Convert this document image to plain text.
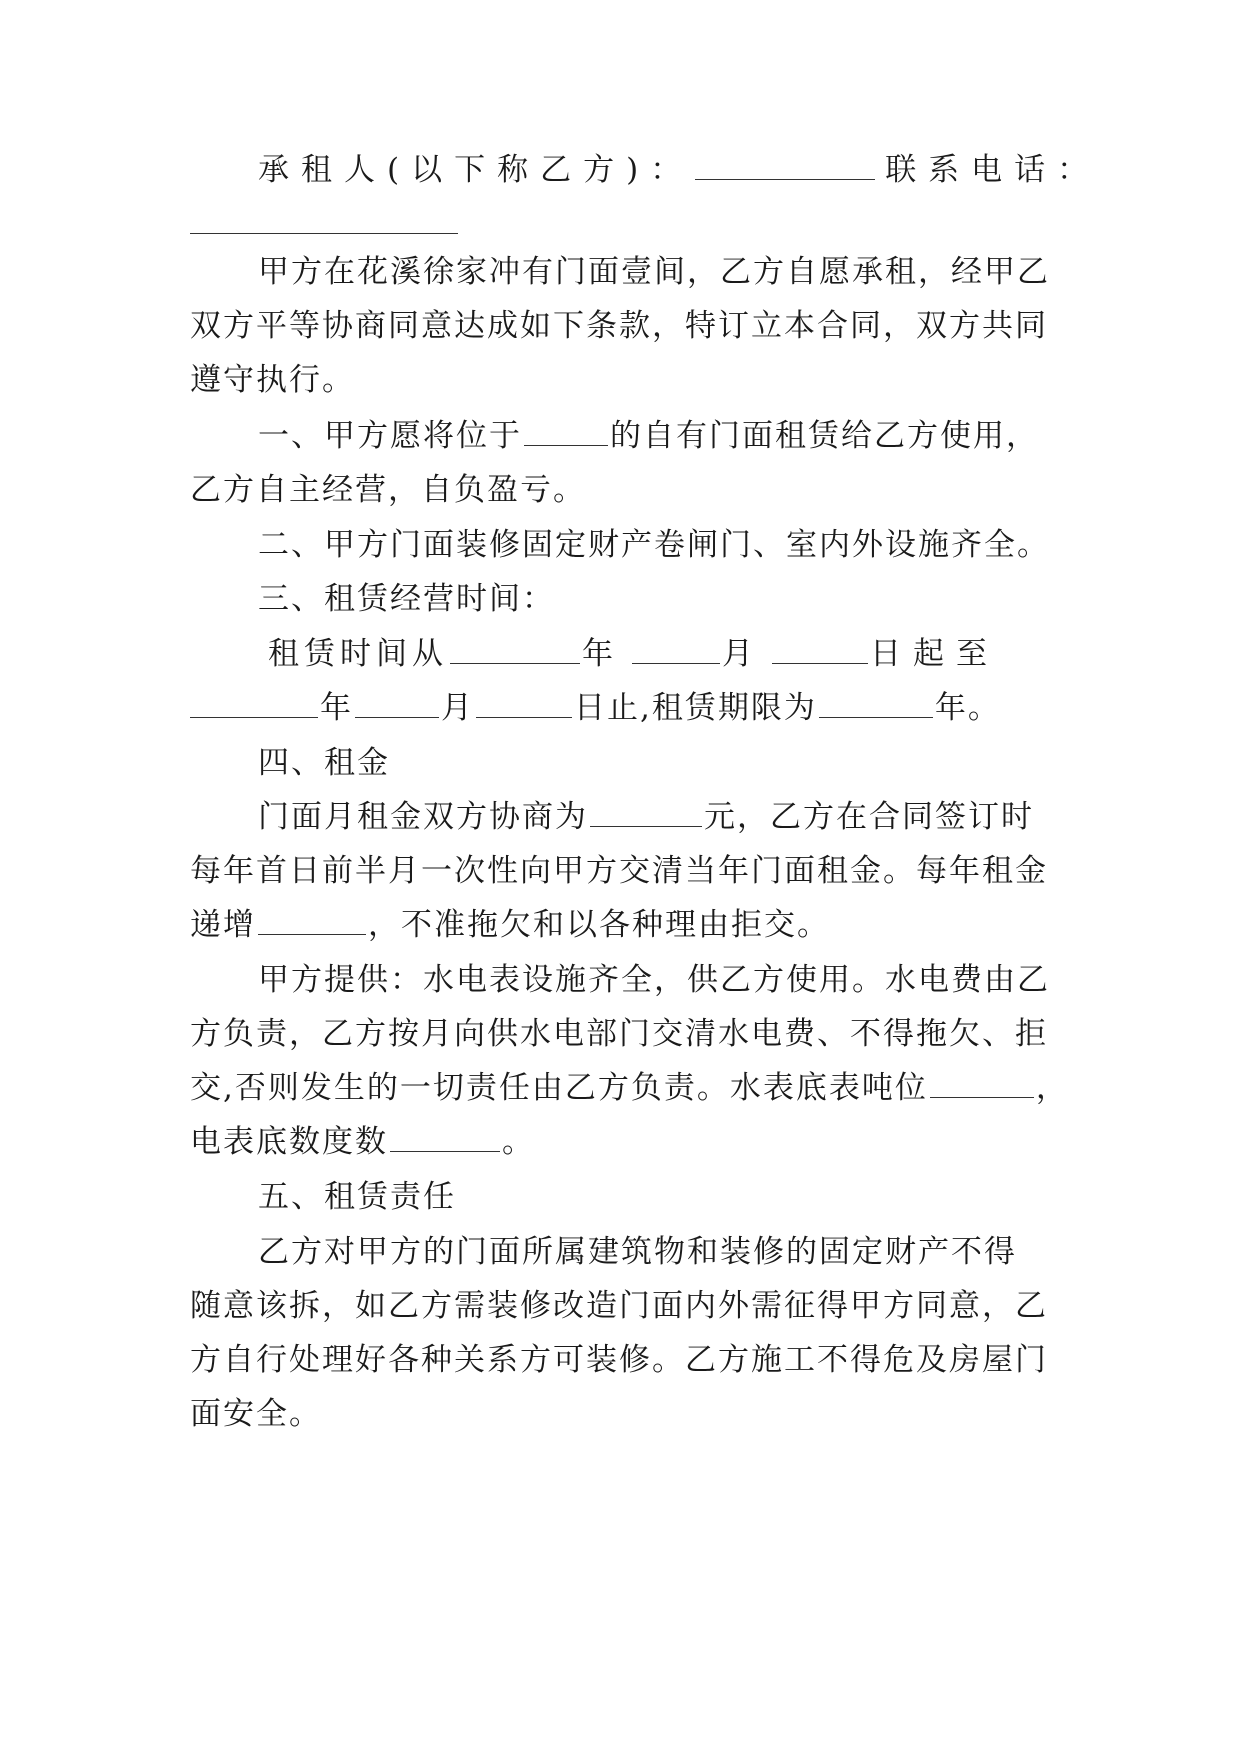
承租人(以下称乙方)：	联系电话：
甲方在花溪徐家冲有门面壹间，乙方自愿承租，经甲乙
双方平等协商同意达成如下条款，特订立本合同，双方共同
遵守执行。
一、甲方愿将位于	的自有门面租赁给乙方使用，
乙方自主经营，自负盈亏。
二、甲方门面装修固定财产卷闸门、室内外设施齐全。
三、租赁经营时间：
租赁时间从	年	月	日起至
年	月	日止,租赁期限为	年。
四、租金
门面月租金双方协商为	元，乙方在合同签订时
每年首日前半月一次性向甲方交清当年门面租金。每年租金
递增	，不准拖欠和以各种理由拒交。
甲方提供：水电表设施齐全，供乙方使用。水电费由乙
方负责，乙方按月向供水电部门交清水电费、不得拖欠、拒
交,否则发生的一切责任由乙方负责。水表底表吨位	，
电表底数度数	。
五、租赁责任
乙方对甲方的门面所属建筑物和装修的固定财产不得
随意该拆，如乙方需装修改造门面内外需征得甲方同意，乙
方自行处理好各种关系方可装修。乙方施工不得危及房屋门
面安全。
